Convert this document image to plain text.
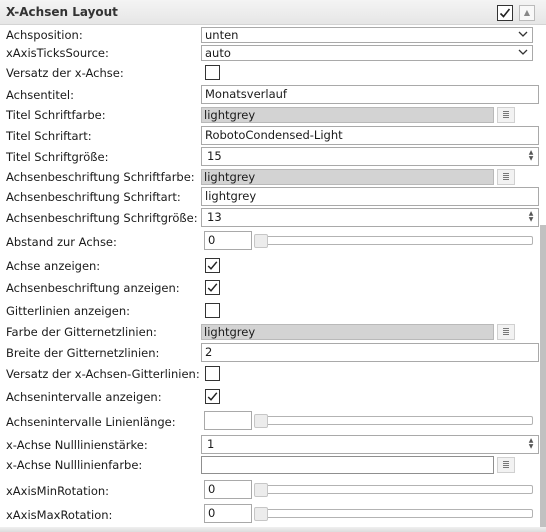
X-Achsen Layout	▲
Achsposition:	unten
xAxisTicksSource:	auto
Versatz der x-Achse:
Achsentitel:	Monatsverlauf
Titel Schriftfarbe:	lightgrey
Titel Schriftart:	RobotoCondensed-Light
Titel Schriftgröße:	15	▲
▼
Achsenbeschriftung Schriftfarbe: lightgrey
Achsenbeschriftung Schriftart:	lightgrey
Achsenbeschriftung Schriftgröße: 13	▲
▼
Abstand zur Achse:	0
Achse anzeigen:
Achsenbeschriftung anzeigen:
Gitterlinien anzeigen:
Farbe der Gitternetzlinien:	lightgrey
Breite der Gitternetzlinien:	2
Versatz der x-Achsen-Gitterlinien:
Achsenintervalle anzeigen:
Achsenintervalle Linienlänge:
x-Achse Nulllinienstärke:	1	▲
▼
x-Achse Nulllinienfarbe:
xAxisMinRotation:	0
xAxisMaxRotation:	0
